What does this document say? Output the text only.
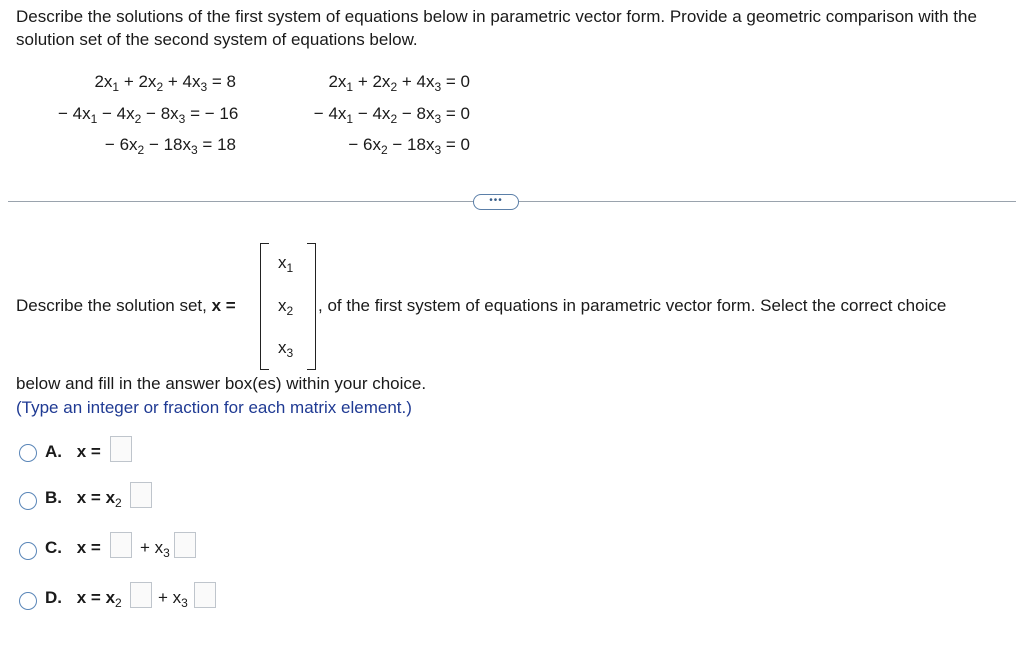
Describe the solutions of the first system of equations below in parametric vector form. Provide a geometric comparison with the solution set of the second system of equations below.
$2x_1 + 2x_2 + 4x_3 = 8$
− $4x_1 - 4x_2 - 8x_3$ = − 16
− $6x_2 - 18x_3 = 18$
$2x_1 + 2x_2 + 4x_3 = 0$
− $4x_1 - 4x_2 - 8x_3 = 0$
− $6x_2 - 18x_3 = 0$
•••
Describe the solution set, x =
$x_1$
$x_2$
$x_3$
, of the first system of equations in parametric vector form. Select the correct choice
below and fill in the answer box(es) within your choice.
(Type an integer or fraction for each matrix element.)
A. x =
B. $x = x_2$
C. x = + $x_3$
D. $x = x_2 + x_3$
